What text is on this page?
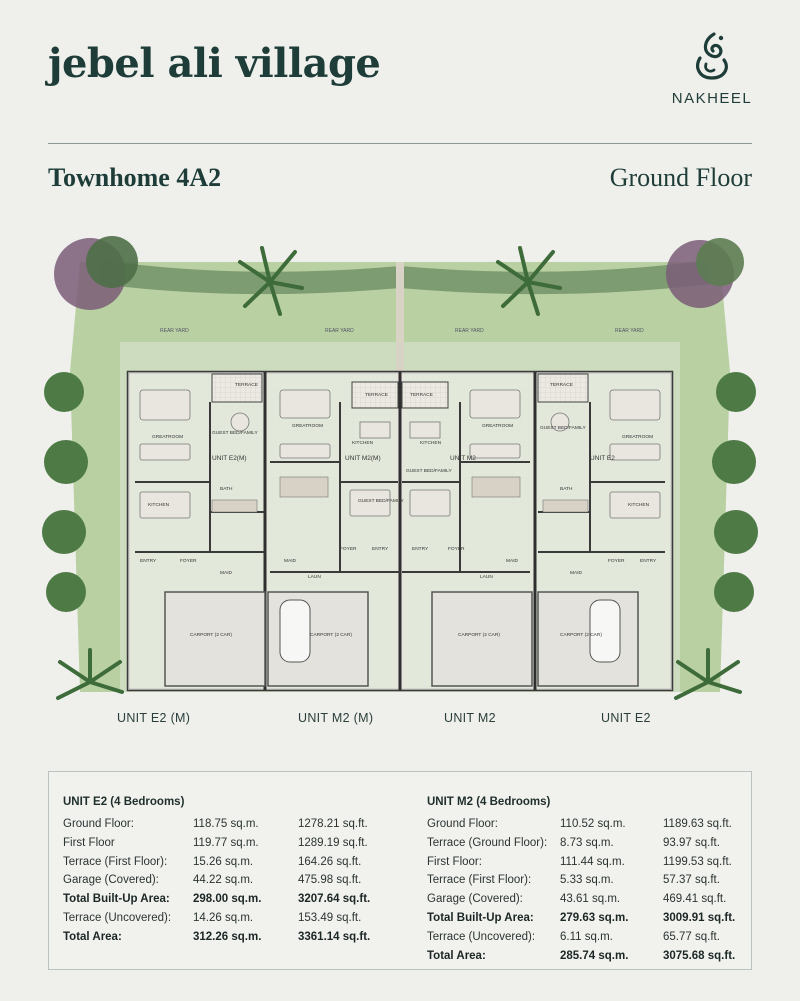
jebel ali village
NAKHEEL
Townhome 4A2	Ground Floor
REAR YARD	REAR YARD	REAR YARD	REAR YARD
TERRACE
TERRACE	TERRACE
TERRACE
GREATROOM
GREATROOM	GREATROOM
GREATROOM
GUEST BED/FAMILY
GUEST BED/FAMILY
GUEST BED/FAMILY
GUEST BED/FAMILY
KITCHEN
KITCHEN	KITCHEN
KITCHEN
BATH	BATH
ENTRY
ENTRY	ENTRY
ENTRY
FOYER
FOYER	FOYER
FOYER
MAID
MAID	MAID
MAID
LAUN	LAUN
UNIT E2(M)	UNIT M2(M)	UNIT M2	UNIT E2
CARPORT (2 CAR)	CARPORT (2 CAR)	CARPORT (2 CAR)	CARPORT (2 CAR)
UNIT E2 (M)	UNIT M2 (M)	UNIT M2	UNIT E2
UNIT E2 (4 Bedrooms)
Ground Floor:	118.75 sq.m.	1278.21 sq.ft.
First Floor	119.77 sq.m.	1289.19 sq.ft.
Terrace (First Floor):	15.26 sq.m.	164.26 sq.ft.
Garage (Covered):	44.22 sq.m.	475.98 sq.ft.
Total Built-Up Area:	298.00 sq.m.	3207.64 sq.ft.
Terrace (Uncovered):	14.26 sq.m.	153.49 sq.ft.
Total Area:	312.26 sq.m.	3361.14 sq.ft.
UNIT M2 (4 Bedrooms)
Ground Floor:	110.52 sq.m.	1189.63 sq.ft.
Terrace (Ground Floor):	8.73 sq.m.	93.97 sq.ft.
First Floor:	111.44 sq.m.	1199.53 sq.ft.
Terrace (First Floor):	5.33 sq.m.	57.37 sq.ft.
Garage (Covered):	43.61 sq.m.	469.41 sq.ft.
Total Built-Up Area:	279.63 sq.m.	3009.91 sq.ft.
Terrace (Uncovered):	6.11 sq.m.	65.77 sq.ft.
Total Area:	285.74 sq.m.	3075.68 sq.ft.
